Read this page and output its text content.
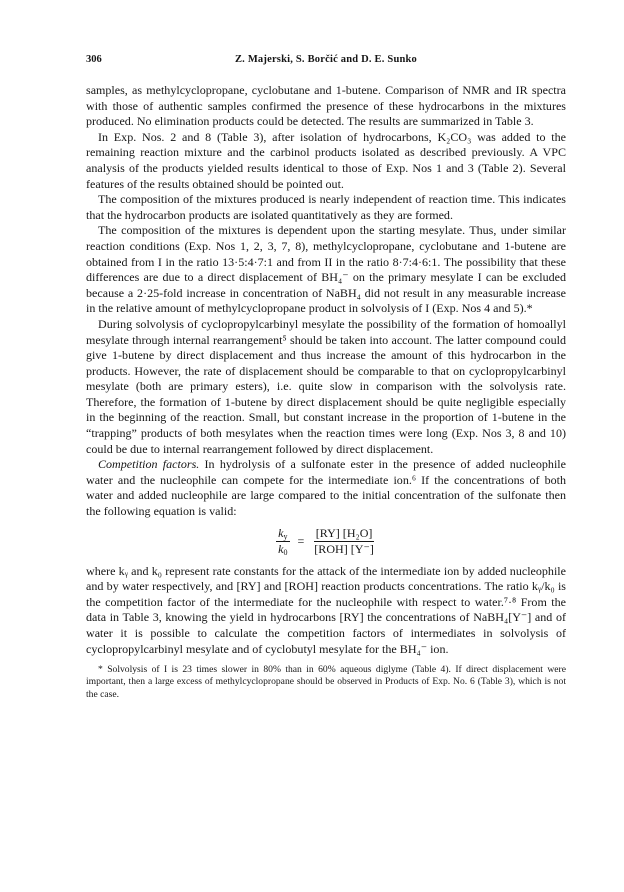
306	Z. Majerski, S. Borčić and D. E. Sunko

samples, as methylcyclopropane, cyclobutane and 1-butene. Comparison of NMR and IR spectra with those of authentic samples confirmed the presence of these hydrocarbons in the mixtures produced. No elimination products could be detected. The results are summarized in Table 3.

In Exp. Nos. 2 and 8 (Table 3), after isolation of hydrocarbons, K₂CO₃ was added to the remaining reaction mixture and the carbinol products isolated as described previously. A VPC analysis of the products yielded results identical to those of Exp. Nos 1 and 3 (Table 2). Several features of the results obtained should be pointed out.

The composition of the mixtures produced is nearly independent of reaction time. This indicates that the hydrocarbon products are isolated quantitatively as they are formed.

The composition of the mixtures is dependent upon the starting mesylate. Thus, under similar reaction conditions (Exp. Nos 1, 2, 3, 7, 8), methylcyclopropane, cyclobutane and 1-butene are obtained from I in the ratio 13·5:4·7:1 and from II in the ratio 8·7:4·6:1. The possibility that these differences are due to a direct displacement of BH₄⁻ on the primary mesylate I can be excluded because a 2·25-fold increase in concentration of NaBH₄ did not result in any measurable increase in the relative amount of methylcyclopropane product in solvolysis of I (Exp. Nos 4 and 5).*

During solvolysis of cyclopropylcarbinyl mesylate the possibility of the formation of homoallyl mesylate through internal rearrangement⁵ should be taken into account. The latter compound could give 1-butene by direct displacement and thus increase the amount of this hydrocarbon in the products. However, the rate of displacement should be comparable to that on cyclopropylcarbinyl mesylate (both are primary esters), i.e. quite slow in comparison with the solvolysis rate. Therefore, the formation of 1-butene by direct displacement should be quite negligible especially in the beginning of the reaction. Small, but constant increase in the proportion of 1-butene in the “trapping” products of both mesylates when the reaction times were long (Exp. Nos 3, 8 and 10) could be due to internal rearrangement followed by direct displacement.

Competition factors. In hydrolysis of a sulfonate ester in the presence of added nucleophile water and the nucleophile can compete for the intermediate ion.⁶ If the concentrations of both water and added nucleophile are large compared to the initial concentration of the sulfonate then the following equation is valid:

$\frac{k_y}{k_0} = \frac{\text{[RY] [H₂O]}}{\text{[ROH] [Y⁻]}}$

where kᵧ and k₀ represent rate constants for the attack of the intermediate ion by added nucleophile and by water respectively, and [RY] and [ROH] reaction products concentrations. The ratio kᵧ/k₀ is the competition factor of the intermediate for the nucleophile with respect to water.⁷·⁸ From the data in Table 3, knowing the yield in hydrocarbons [RY] the concentrations of NaBH₄[Y⁻] and of water it is possible to calculate the competition factors of intermediates in solvolysis of cyclopropylcarbinyl mesylate and of cyclobutyl mesylate for the BH₄⁻ ion.

* Solvolysis of I is 23 times slower in 80% than in 60% aqueous diglyme (Table 4). If direct displacement were important, then a large excess of methylcyclopropane should be observed in Products of Exp. No. 6 (Table 3), which is not the case.
